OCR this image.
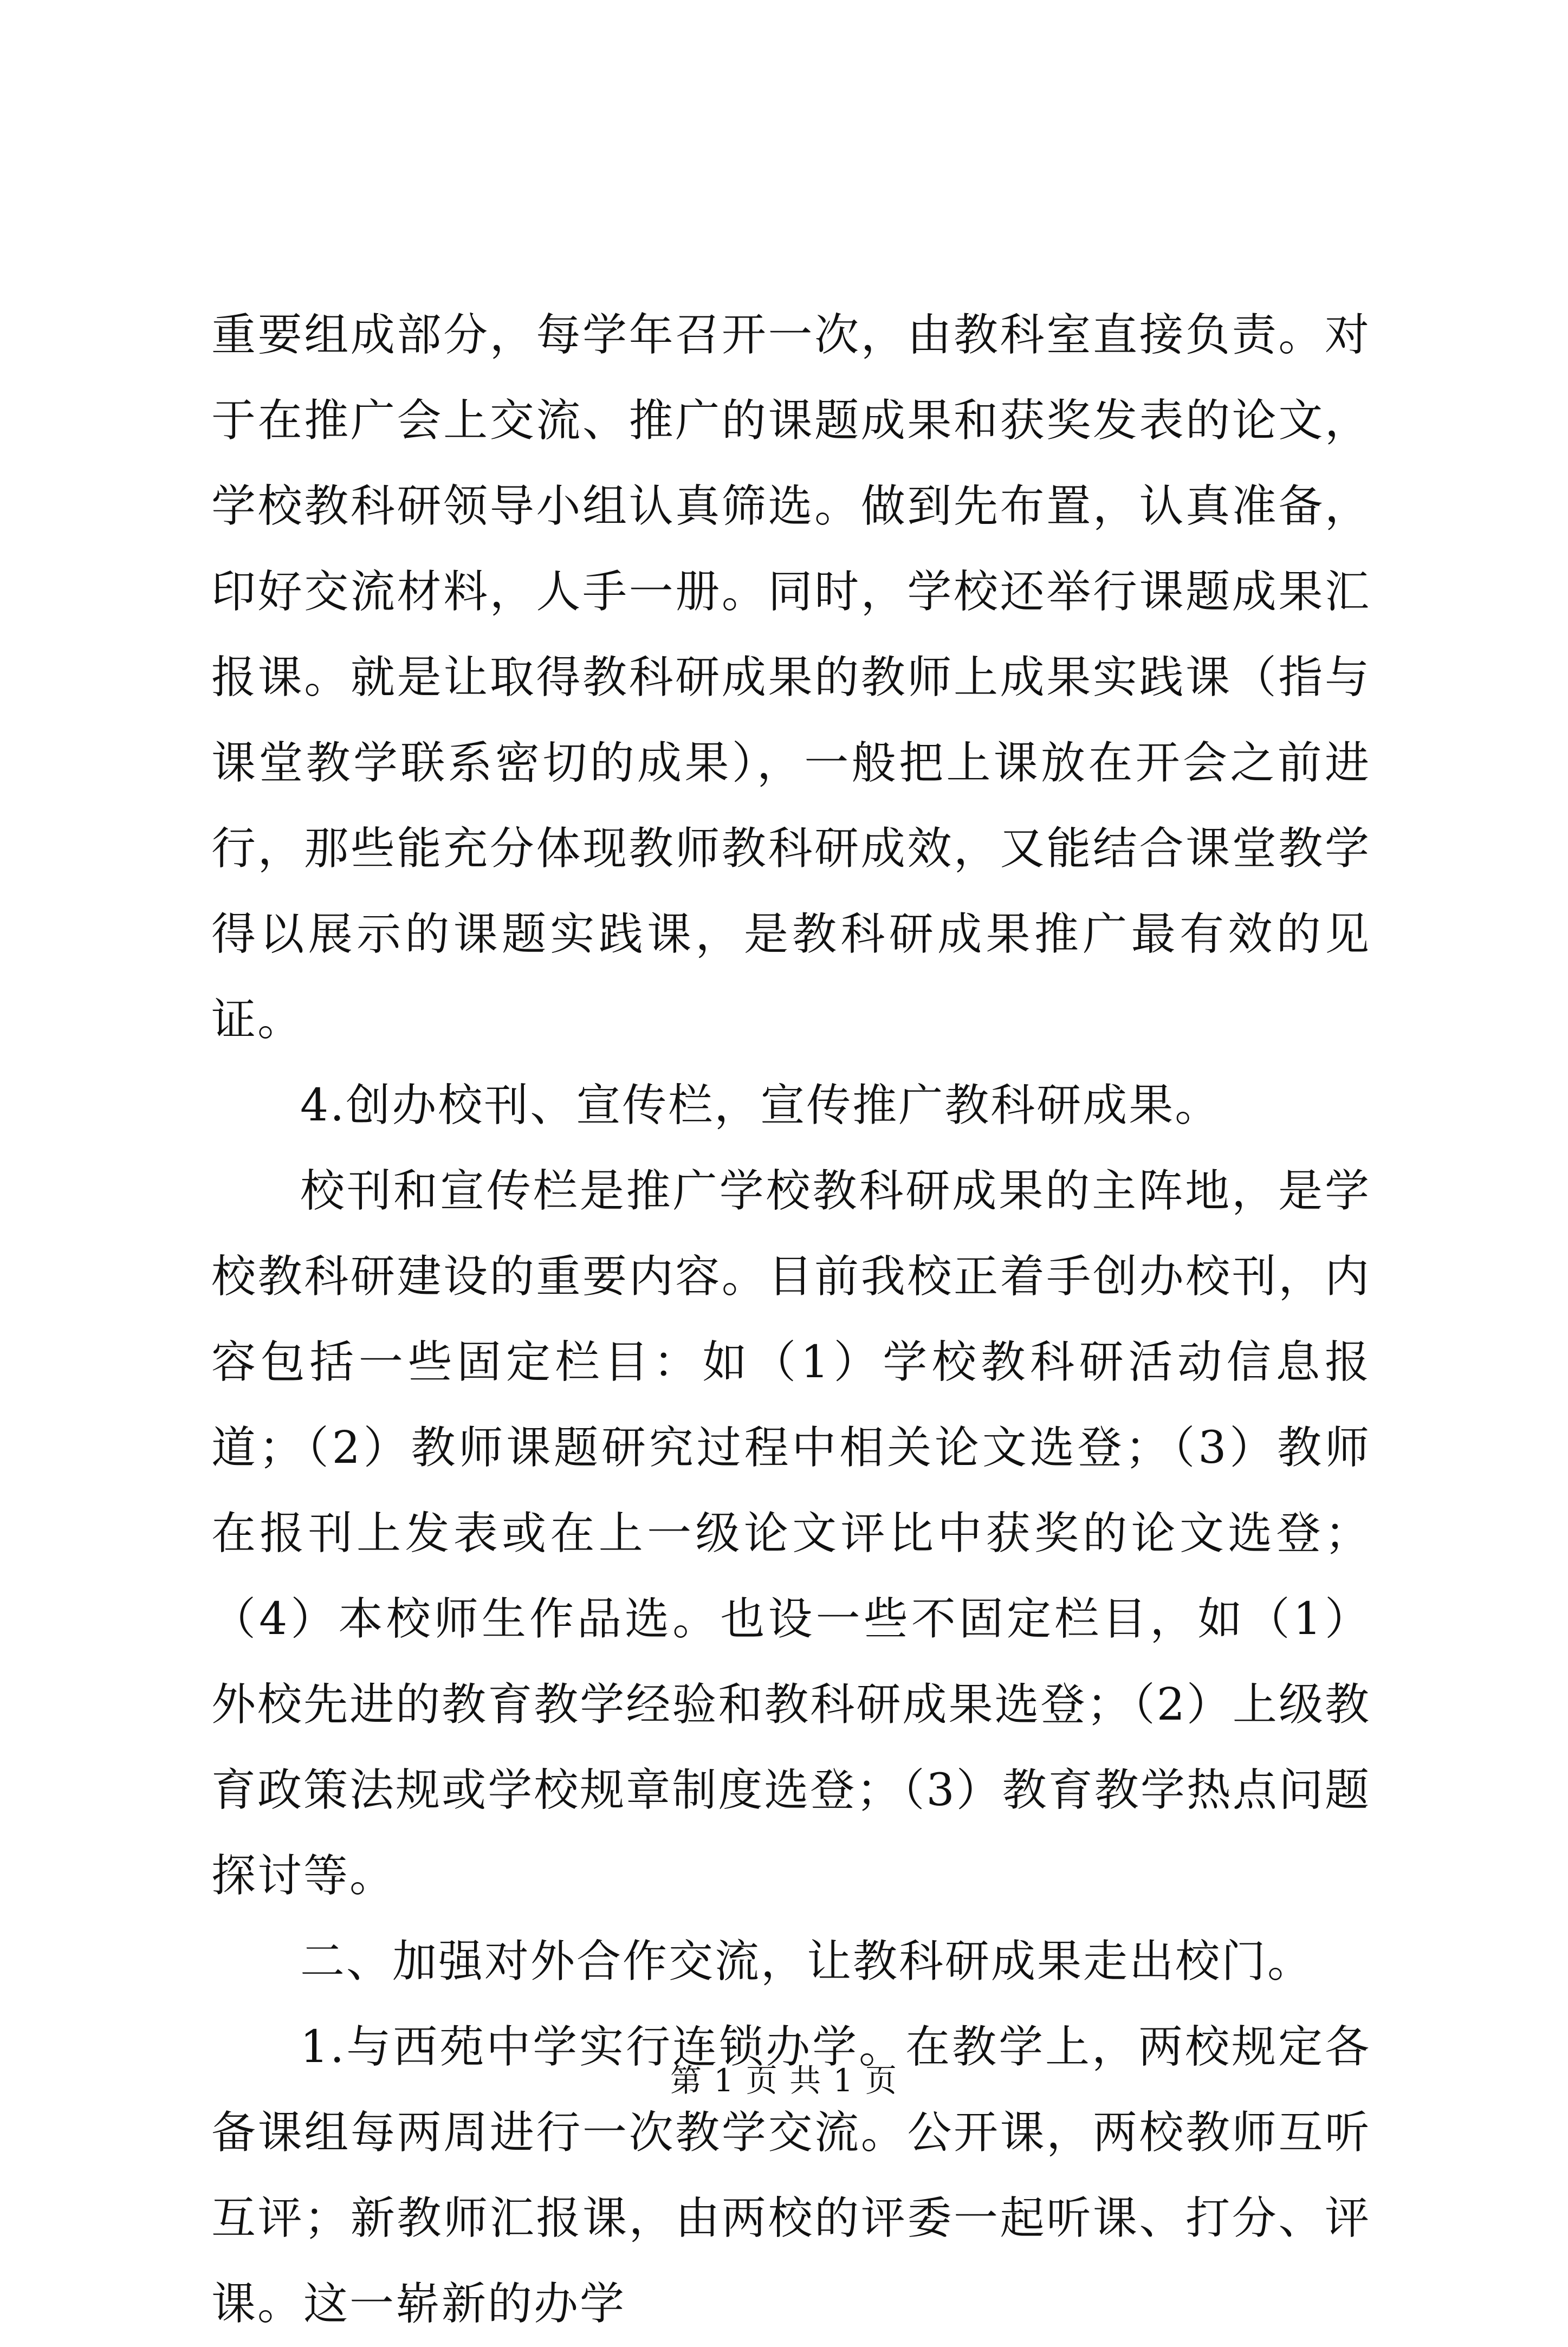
重要组成部分，每学年召开一次，由教科室直接负责。对于在推广会上交流、推广的课题成果和获奖发表的论文，学校教科研领导小组认真筛选。做到先布置，认真准备，印好交流材料，人手一册。同时，学校还举行课题成果汇报课。就是让取得教科研成果的教师上成果实践课（指与课堂教学联系密切的成果），一般把上课放在开会之前进行，那些能充分体现教师教科研成效，又能结合课堂教学得以展示的课题实践课，是教科研成果推广最有效的见证。

4.创办校刊、宣传栏，宣传推广教科研成果。

校刊和宣传栏是推广学校教科研成果的主阵地，是学校教科研建设的重要内容。目前我校正着手创办校刊，内容包括一些固定栏目：如（1）学校教科研活动信息报道；（2）教师课题研究过程中相关论文选登；（3）教师在报刊上发表或在上一级论文评比中获奖的论文选登；（4）本校师生作品选。也设一些不固定栏目，如（1）外校先进的教育教学经验和教科研成果选登；（2）上级教育政策法规或学校规章制度选登；（3）教育教学热点问题探讨等。

二、加强对外合作交流，让教科研成果走出校门。

1.与西苑中学实行连锁办学。在教学上，两校规定各备课组每两周进行一次教学交流。公开课，两校教师互听互评；新教师汇报课，由两校的评委一起听课、打分、评课。这一崭新的办学

第 1 页 共 1 页
